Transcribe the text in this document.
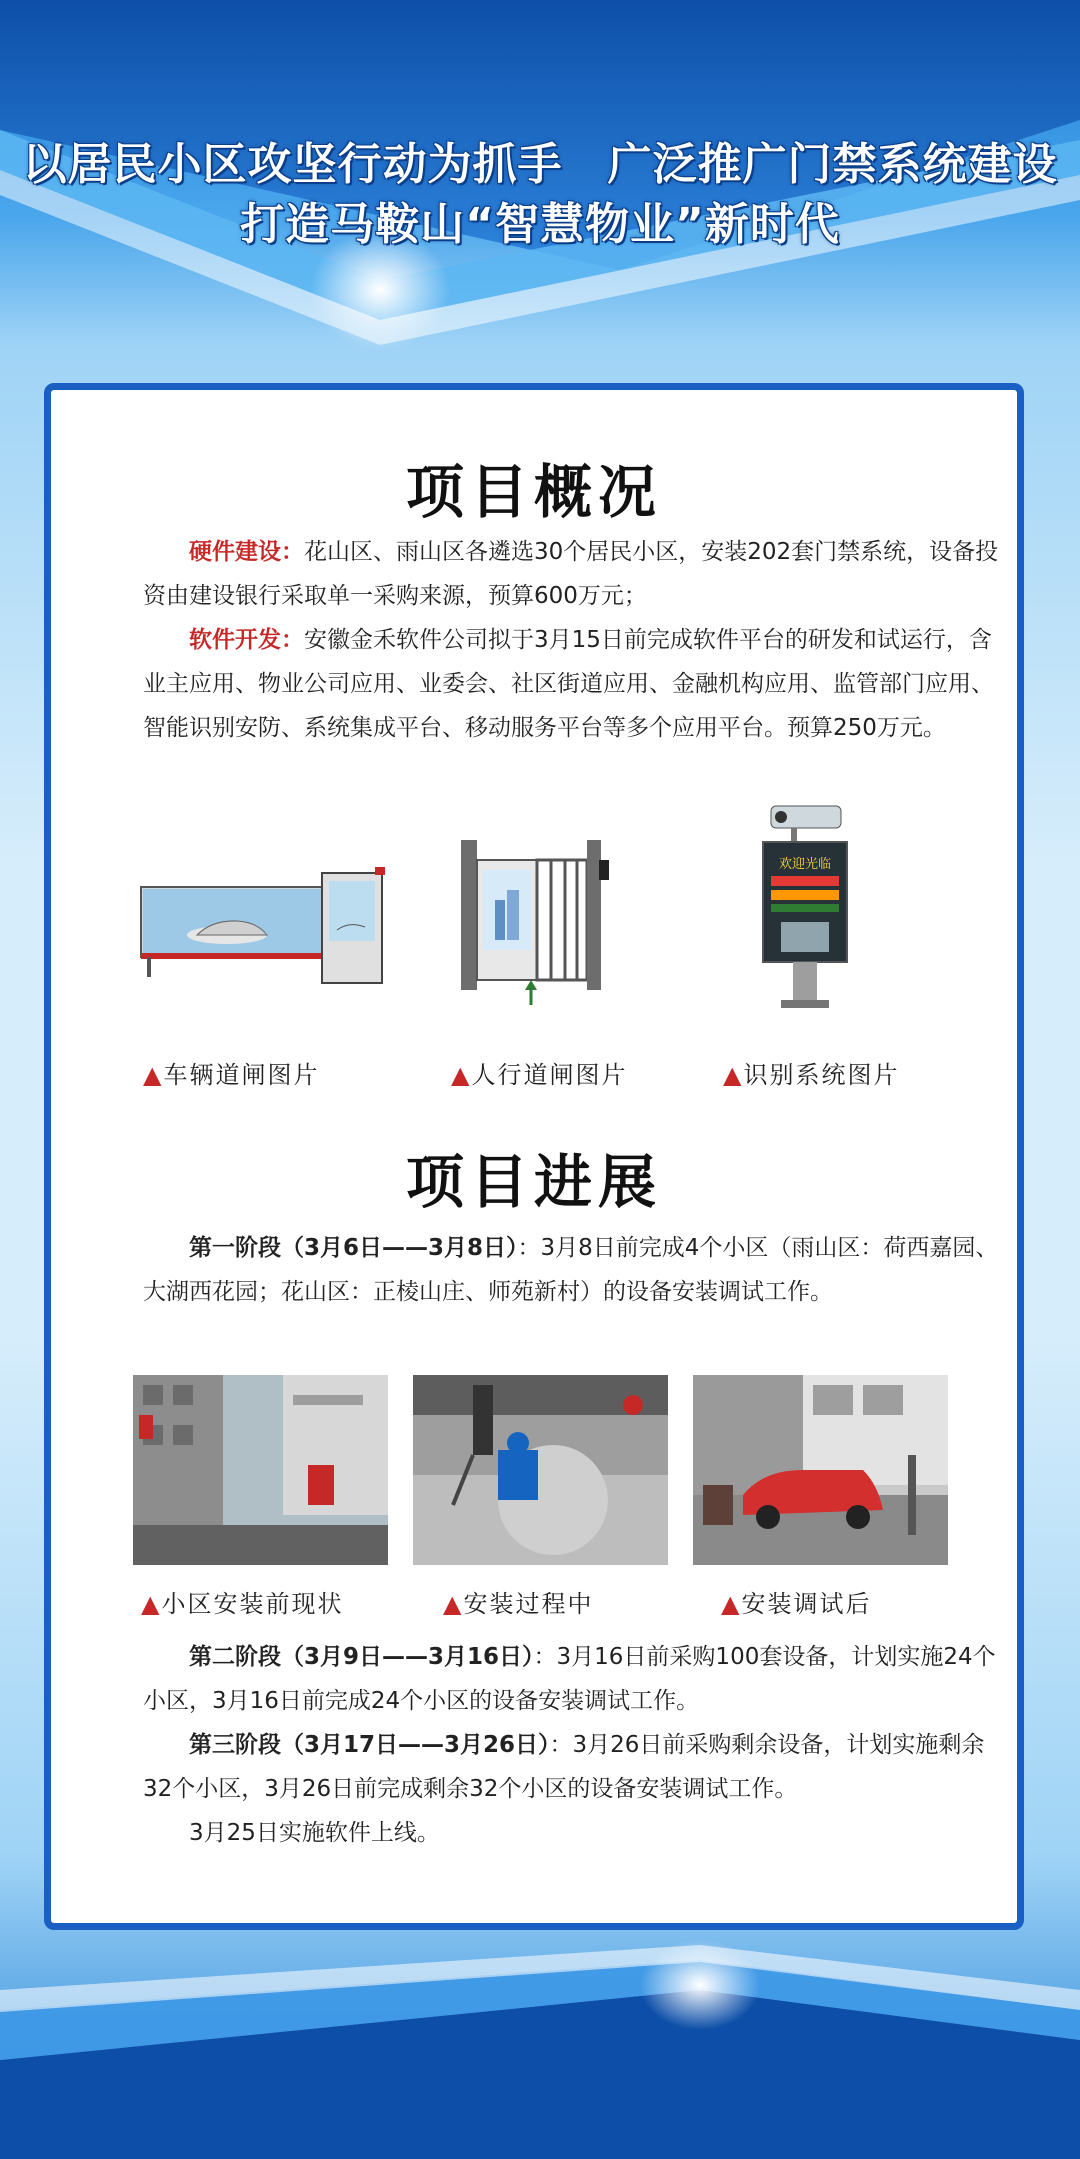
以居民小区攻坚行动为抓手　广泛推广门禁系统建设
打造马鞍山“智慧物业”新时代
项目概况
硬件建设：花山区、雨山区各遴选30个居民小区，安装202套门禁系统，设备投资由建设银行采取单一采购来源，预算600万元；
软件开发：安徽金禾软件公司拟于3月15日前完成软件平台的研发和试运行，含业主应用、物业公司应用、业委会、社区街道应用、金融机构应用、监管部门应用、智能识别安防、系统集成平台、移动服务平台等多个应用平台。预算250万元。
欢迎光临
▲车辆道闸图片	▲人行道闸图片	▲识别系统图片
项目进展
第一阶段（3月6日——3月8日）：3月8日前完成4个小区（雨山区：荷西嘉园、大湖西花园；花山区：正棱山庄、师苑新村）的设备安装调试工作。
▲小区安装前现状	▲安装过程中	▲安装调试后
第二阶段（3月9日——3月16日）：3月16日前采购100套设备，计划实施24个小区，3月16日前完成24个小区的设备安装调试工作。
第三阶段（3月17日——3月26日）：3月26日前采购剩余设备，计划实施剩余32个小区，3月26日前完成剩余32个小区的设备安装调试工作。
3月25日实施软件上线。
